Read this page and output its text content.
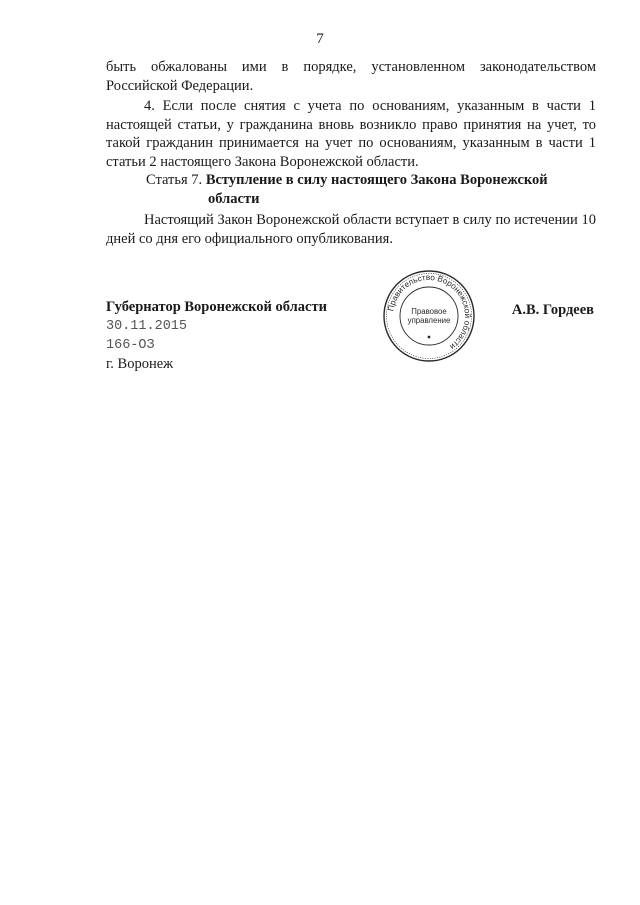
7
быть обжалованы ими в порядке, установленном законодательством Российской Федерации.
4. Если после снятия с учета по основаниям, указанным в части 1 настоящей статьи, у гражданина вновь возникло право принятия на учет, то такой гражданин принимается на учет по основаниям, указанным в части 1 статьи 2 настоящего Закона Воронежской области.
Статья 7. Вступление в силу настоящего Закона Воронежской
области
Настоящий Закон Воронежской области вступает в силу по истечении 10 дней со дня его официального опубликования.
Губернатор Воронежской области
30.11.2015
166-ОЗ
г. Воронеж
Правительство Воронежской области
Правовое
управление
А.В. Гордеев
